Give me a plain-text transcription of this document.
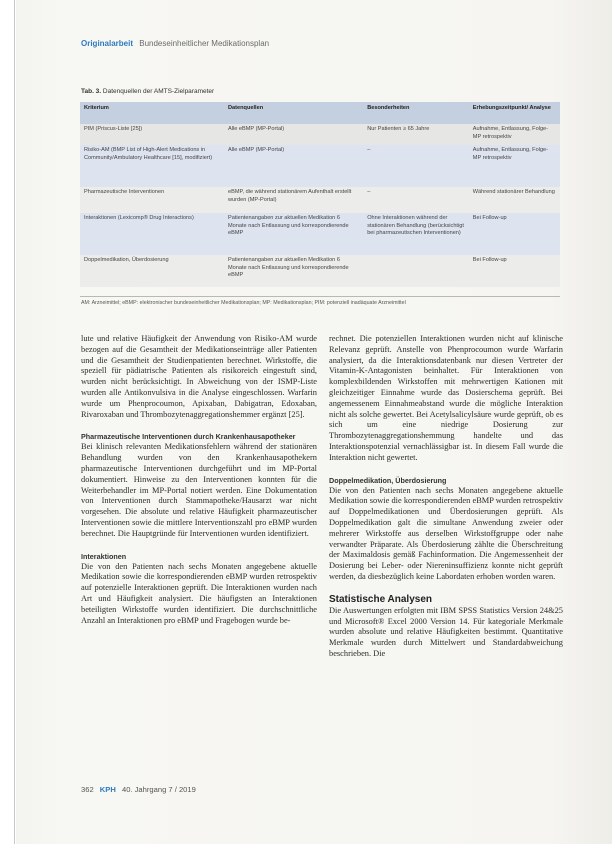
Originalarbeit Bundeseinheitlicher Medikationsplan
Tab. 3. Datenquellen der AMTS-Zielparameter
Kriterium	Datenquellen	Besonderheiten	Erhebungszeitpunkt/ Analyse
PIM (Priscus-Liste [25])	Alle eBMP (MP-Portal)	Nur Patienten ≥ 65 Jahre	Aufnahme, Entlassung, Folge-MP retrospektiv
Risiko-AM (BMP List of High-Alert Medications in Community/Ambulatory Healthcare [15], modifiziert)	Alle eBMP (MP-Portal)	–	Aufnahme, Entlassung, Folge-MP retrospektiv
Pharmazeutische Interventionen	eBMP, die während stationärem Aufenthalt erstellt wurden (MP-Portal)	–	Während stationärer Behandlung
Interaktionen (Lexicomp® Drug Interactions)	Patientenangaben zur aktuellen Medikation 6 Monate nach Entlassung und korrespondierende eBMP	Ohne Interaktionen während der stationären Behandlung (berücksichtigt bei pharmazeutischen Interventionen)	Bei Follow-up
Doppelmedikation, Überdosierung	Patientenangaben zur aktuellen Medikation 6 Monate nach Entlassung und korrespondierende eBMP		Bei Follow-up
AM: Arzneimittel; eBMP: elektronischer bundeseinheitlicher Medikationsplan; MP: Medikationsplan; PIM: potenziell inadäquate Arzneimittel

lute und relative Häufigkeit der Anwendung von Risiko-AM wurde bezogen auf die Gesamtheit der Medikationseinträge aller Patienten und die Gesamtheit der Studienpatienten berechnet. Wirkstoffe, die speziell für pädiatrische Patienten als risikoreich eingestuft sind, wurden nicht berücksichtigt. In Abweichung von der ISMP-Liste wurden alle Antikonvulsiva in die Analyse eingeschlossen. Warfarin wurde um Phenprocoumon, Apixaban, Dabigatran, Edoxaban, Rivaroxaban und Thrombozytenaggregationshemmer ergänzt [25].

Pharmazeutische Interventionen durch Krankenhausapotheker

Bei klinisch relevanten Medikationsfehlern während der stationären Behandlung wurden von den Krankenhausapothekern pharmazeutische Interventionen durchgeführt und im MP-Portal dokumentiert. Hinweise zu den Interventionen konnten für die Weiterbehandler im MP-Portal notiert werden. Eine Dokumentation von Interventionen durch Stammapotheke/Hausarzt war nicht vorgesehen. Die absolute und relative Häufigkeit pharmazeutischer Interventionen sowie die mittlere Interventionszahl pro eBMP wurden berechnet. Die Hauptgründe für Interventionen wurden identifiziert.

Interaktionen

Die von den Patienten nach sechs Monaten angegebene aktuelle Medikation sowie die korrespondierenden eBMP wurden retrospektiv auf potenzielle Interaktionen geprüft. Die Interaktionen wurden nach Art und Häufigkeit analysiert. Die häufigsten an Interaktionen beteiligten Wirkstoffe wurden identifiziert. Die durchschnittliche Anzahl an Interaktionen pro eBMP und Fragebogen wurde be-

rechnet. Die potenziellen Interaktionen wurden nicht auf klinische Relevanz geprüft. Anstelle von Phenprocoumon wurde Warfarin analysiert, da die Interaktionsdatenbank nur diesen Vertreter der Vitamin-K-Antagonisten beinhaltet. Für Interaktionen von komplexbildenden Wirkstoffen mit mehrwertigen Kationen mit gleichzeitiger Einnahme wurde das Dosierschema geprüft. Bei angemessenem Einnahmeabstand wurde die mögliche Interaktion nicht als solche gewertet. Bei Acetylsalicylsäure wurde geprüft, ob es sich um eine niedrige Dosierung zur Thrombozytenaggregationshemmung handelte und das Interaktionspotenzial vernachlässigbar ist. In diesem Fall wurde die Interaktion nicht gewertet.

Doppelmedikation, Überdosierung

Die von den Patienten nach sechs Monaten angegebene aktuelle Medikation sowie die korrespondierenden eBMP wurden retrospektiv auf Doppelmedikationen und Überdosierungen geprüft. Als Doppelmedikation galt die simultane Anwendung zweier oder mehrerer Wirkstoffe aus derselben Wirkstoffgruppe oder nahe verwandter Präparate. Als Überdosierung zählte die Überschreitung der Maximaldosis gemäß Fachinformation. Die Angemessenheit der Dosierung bei Leber- oder Niereninsuffizienz konnte nicht geprüft werden, da diesbezüglich keine Labordaten erhoben worden waren.

Statistische Analysen

Die Auswertungen erfolgten mit IBM SPSS Statistics Version 24&25 und Microsoft® Excel 2000 Version 14. Für kategoriale Merkmale wurden absolute und relative Häufigkeiten bestimmt. Quantitative Merkmale wurden durch Mittelwert und Standardabweichung beschrieben. Die

362 KPH 40. Jahrgang 7 / 2019
